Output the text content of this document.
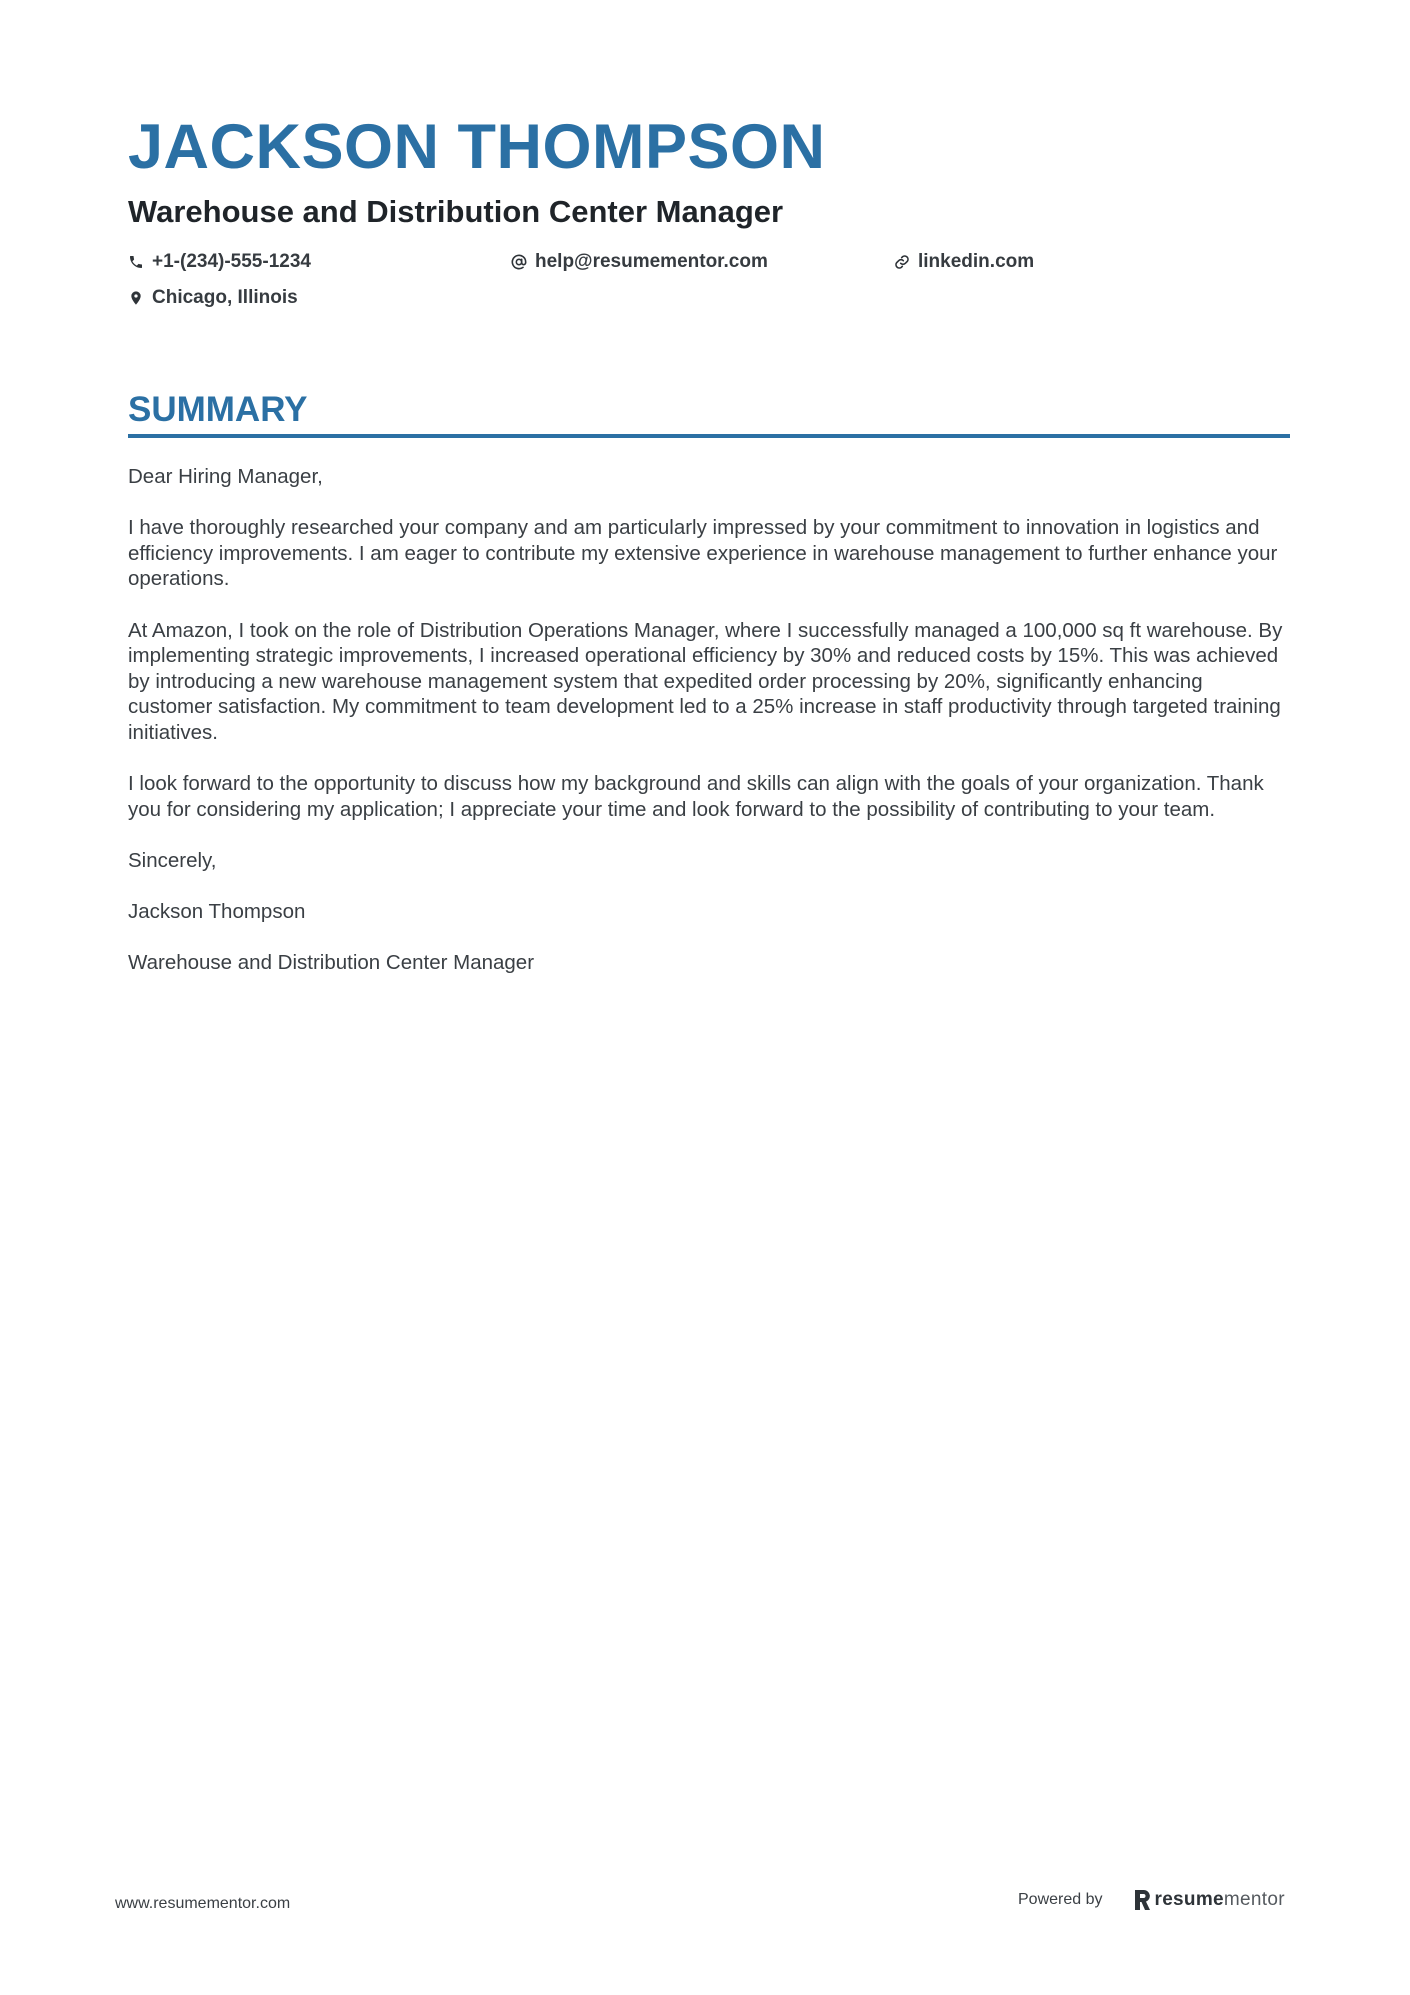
JACKSON THOMPSON
Warehouse and Distribution Center Manager
+1-(234)-555-1234	help@resumementor.com	linkedin.com
Chicago, Illinois
SUMMARY

Dear Hiring Manager,

I have thoroughly researched your company and am particularly impressed by your commitment to innovation in logistics and efficiency improvements. I am eager to contribute my extensive experience in warehouse management to further enhance your operations.

At Amazon, I took on the role of Distribution Operations Manager, where I successfully managed a 100,000 sq ft warehouse. By implementing strategic improvements, I increased operational efficiency by 30% and reduced costs by 15%. This was achieved by introducing a new warehouse management system that expedited order processing by 20%, significantly enhancing customer satisfaction. My commitment to team development led to a 25% increase in staff productivity through targeted training initiatives.

I look forward to the opportunity to discuss how my background and skills can align with the goals of your organization. Thank you for considering my application; I appreciate your time and look forward to the possibility of contributing to your team.

Sincerely,

Jackson Thompson

Warehouse and Distribution Center Manager

www.resumementor.com	Powered by	resumementor
